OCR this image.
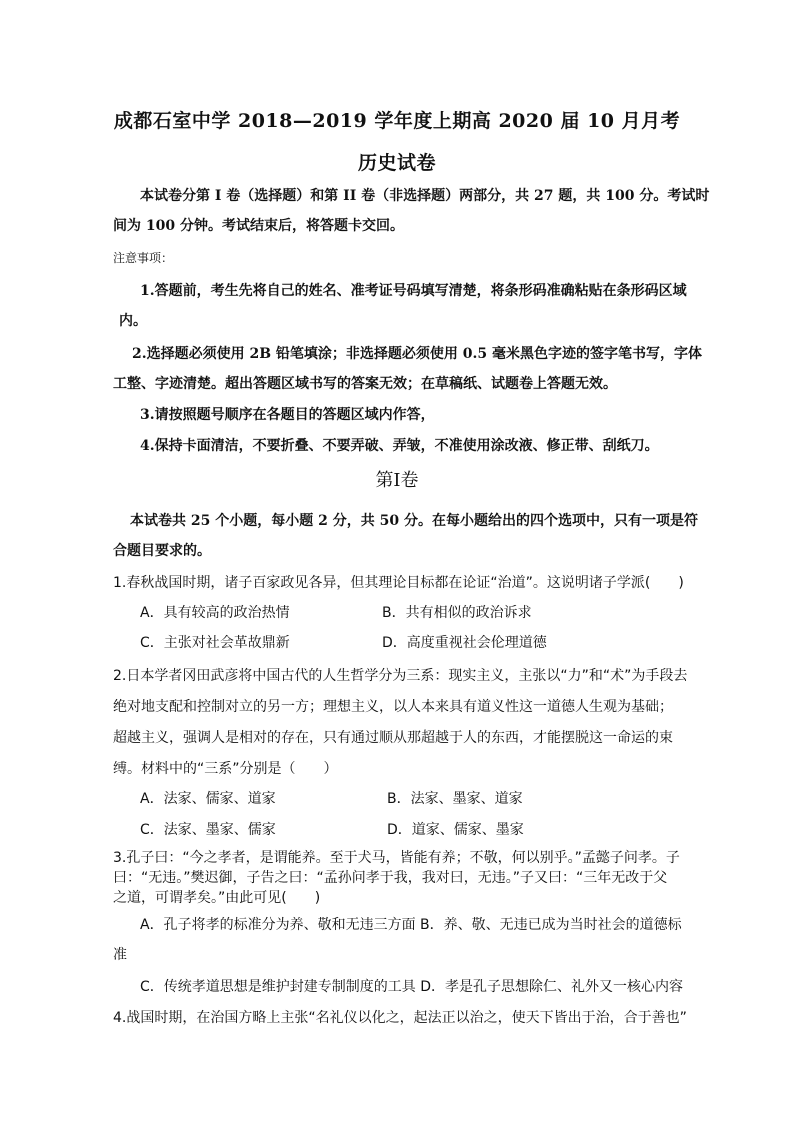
成都石室中学 2018—2019 学年度上期高 2020 届 10 月月考
历史试卷
本试卷分第 I 卷（选择题）和第 II 卷（非选择题）两部分，共 27 题，共 100 分。考试时
间为 100 分钟。考试结束后，将答题卡交回。
注意事项：
1.答题前，考生先将自己的姓名、准考证号码填写清楚，将条形码准确粘贴在条形码区域
内。
2.选择题必须使用 2B 铅笔填涂；非选择题必须使用 0.5 毫米黑色字迹的签字笔书写，字体
工整、字迹清楚。超出答题区域书写的答案无效；在草稿纸、试题卷上答题无效。
3.请按照题号顺序在各题目的答题区域内作答，
4.保持卡面清洁，不要折叠、不要弄破、弄皱，不准使用涂改液、修正带、刮纸刀。
第Ⅰ卷
本试卷共 25 个小题，每小题 2 分，共 50 分。在每小题给出的四个选项中，只有一项是符
合题目要求的。
1.春秋战国时期，诸子百家政见各异，但其理论目标都在论证“治道”。这说明诸子学派(　　)
A．具有较高的政治热情	B．共有相似的政治诉求
C．主张对社会革故鼎新	D．高度重视社会伦理道德
2.日本学者冈田武彦将中国古代的人生哲学分为三系：现实主义，主张以“力”和“术”为手段去
绝对地支配和控制对立的另一方；理想主义，以人本来具有道义性这一道德人生观为基础；
超越主义，强调人是相对的存在，只有通过顺从那超越于人的东西，才能摆脱这一命运的束
缚。材料中的“三系”分别是（　　）
A．法家、儒家、道家	B．法家、墨家、道家
C．法家、墨家、儒家	D．道家、儒家、墨家
3.孔子曰：“今之孝者，是谓能养。至于犬马，皆能有养；不敬，何以别乎。”孟懿子问孝。子
曰：“无违。”樊迟御，子告之曰：“孟孙问孝于我，我对曰，无违。”子又曰：“三年无改于父
之道，可谓孝矣。”由此可见(　　)
A．孔子将孝的标准分为养、敬和无违三方面 B．养、敬、无违已成为当时社会的道德标
准
C．传统孝道思想是维护封建专制制度的工具 D．孝是孔子思想除仁、礼外又一核心内容
4.战国时期，在治国方略上主张“名礼仪以化之，起法正以治之，使天下皆出于治，合于善也”
